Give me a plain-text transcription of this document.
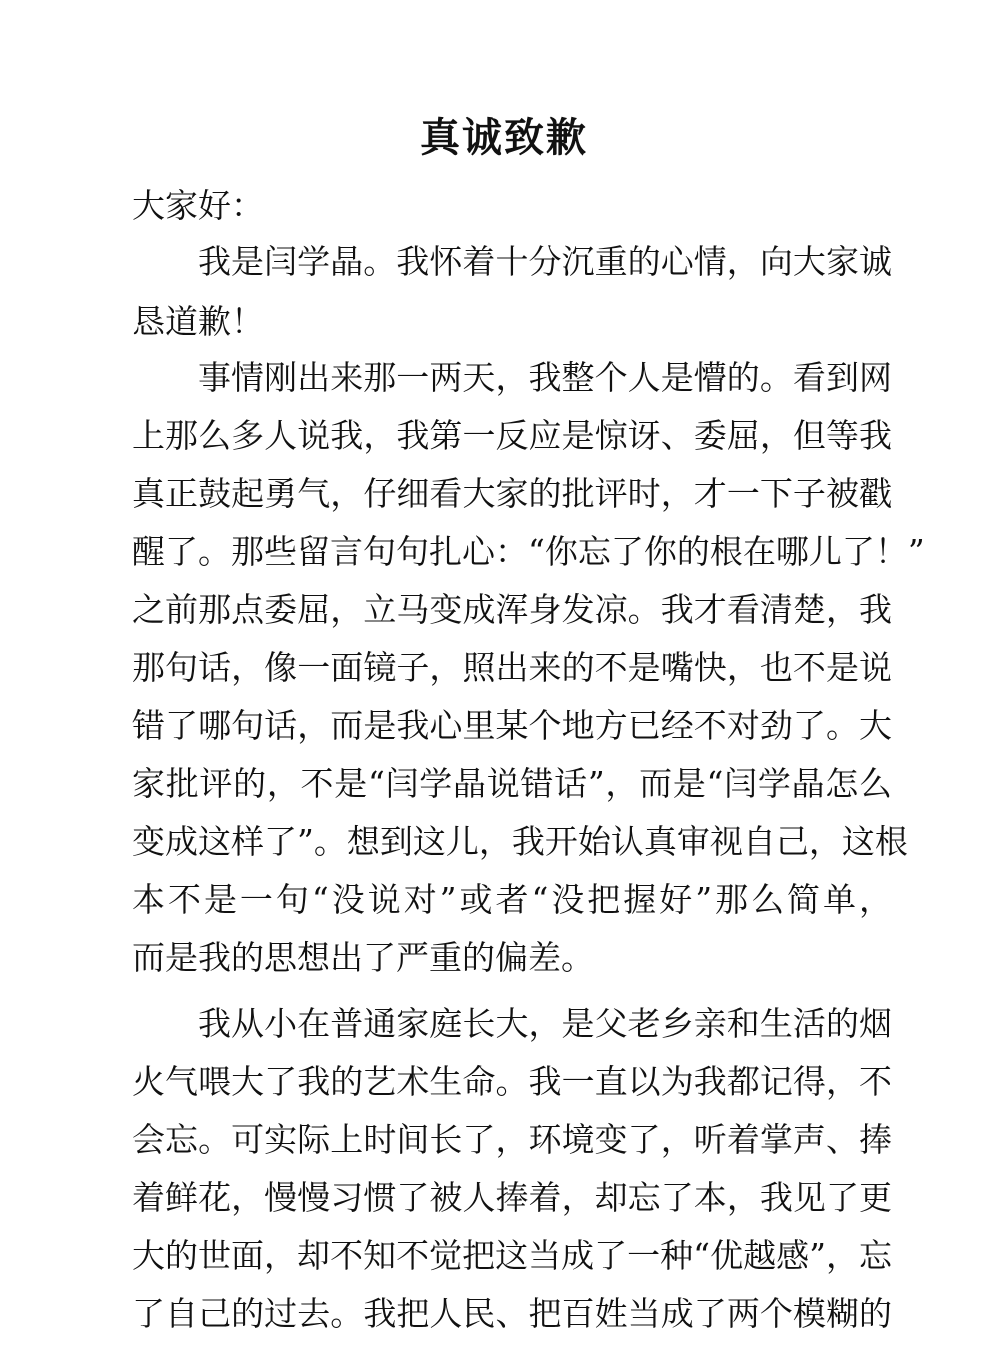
真诚致歉
大家好：
我是闫学晶。我怀着十分沉重的心情，向大家诚
恳道歉！
事情刚出来那一两天，我整个人是懵的。看到网
上那么多人说我，我第一反应是惊讶、委屈，但等我
真正鼓起勇气，仔细看大家的批评时，才一下子被戳
醒了。那些留言句句扎心：“你忘了你的根在哪儿了！”
之前那点委屈，立马变成浑身发凉。我才看清楚，我
那句话，像一面镜子，照出来的不是嘴快，也不是说
错了哪句话，而是我心里某个地方已经不对劲了。大
家批评的，不是“闫学晶说错话”，而是“闫学晶怎么
变成这样了”。想到这儿，我开始认真审视自己，这根
本不是一句“没说对”或者“没把握好”那么简单，
而是我的思想出了严重的偏差。
我从小在普通家庭长大，是父老乡亲和生活的烟
火气喂大了我的艺术生命。我一直以为我都记得，不
会忘。可实际上时间长了，环境变了，听着掌声、捧
着鲜花，慢慢习惯了被人捧着，却忘了本，我见了更
大的世面，却不知不觉把这当成了一种“优越感”，忘
了自己的过去。我把人民、把百姓当成了两个模糊的
